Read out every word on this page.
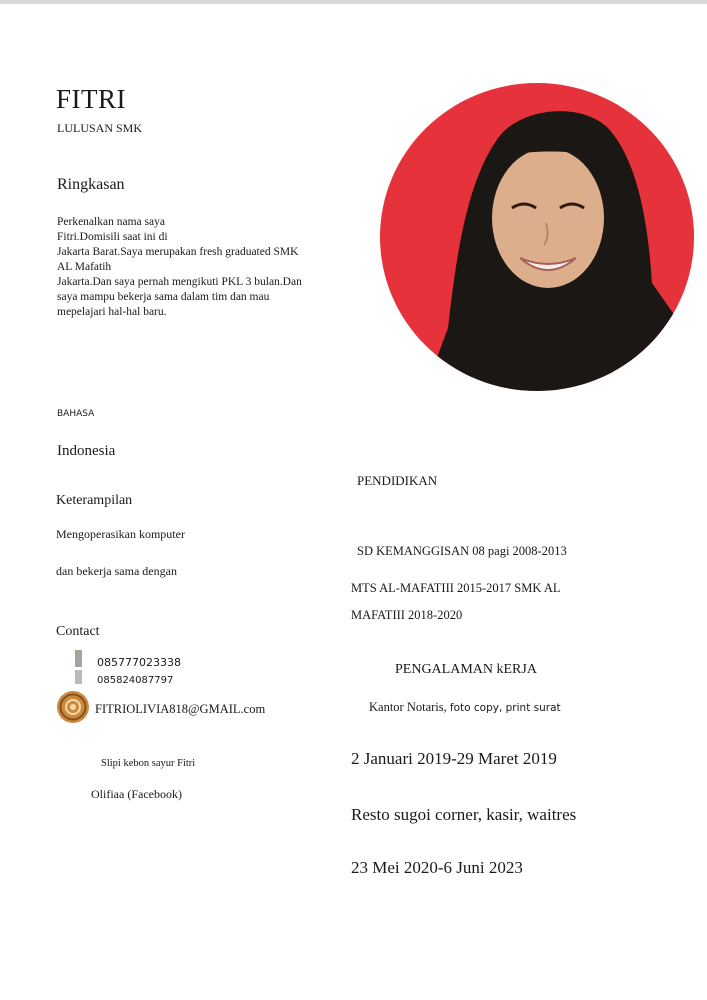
FITRI
LULUSAN SMK
Ringkasan
Perkenalkan nama saya
Fitri.Domisili saat ini di
Jakarta Barat.Saya merupakan fresh graduated SMK
AL Mafatih
Jakarta.Dan saya pernah mengikuti PKL 3 bulan.Dan
saya mampu bekerja sama dalam tim dan mau
mepelajari hal-hal baru.
BAHASA
Indonesia
Keterampilan
Mengoperasikan komputer
dan bekerja sama dengan
Contact
085777023338
085824087797
FITRIOLIVIA818@GMAIL.com
Slipi kebon sayur Fitri
Olifiaa (Facebook)
PENDIDIKAN
SD KEMANGGISAN 08 pagi 2008-2013
MTS AL-MAFATIII 2015-2017 SMK AL
MAFATIII 2018-2020
PENGALAMAN kERJA
Kantor Notaris, foto copy, print surat
2 Januari 2019-29 Maret 2019
Resto sugoi corner, kasir, waitres
23 Mei 2020-6 Juni 2023
